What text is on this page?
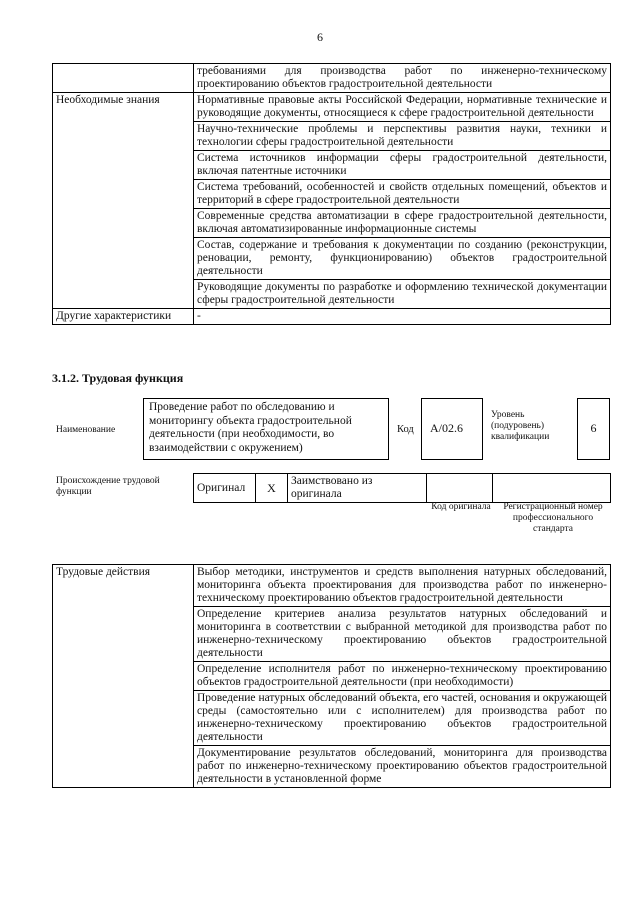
6
	требованиями для производства работ по инженерно-техническому проектированию объектов градостроительной деятельности
Необходимые знания	Нормативные правовые акты Российской Федерации, нормативные технические и руководящие документы, относящиеся к сфере градостроительной деятельности
	Научно-технические проблемы и перспективы развития науки, техники и технологии сферы градостроительной деятельности
	Система источников информации сферы градостроительной деятельности, включая патентные источники
	Система требований, особенностей и свойств отдельных помещений, объектов и территорий в сфере градостроительной деятельности
	Современные средства автоматизации в сфере градостроительной деятельности, включая автоматизированные информационные системы
	Состав, содержание и требования к документации по созданию (реконструкции, реновации, ремонту, функционированию) объектов градостроительной деятельности
	Руководящие документы по разработке и оформлению технической документации сферы градостроительной деятельности
Другие характеристики	-
3.1.2. Трудовая функция
Наименование
Проведение работ по обследованию и мониторингу объекта градостроительной деятельности (при необходимости, во взаимодействии с окружением)
Код	А/02.6
Уровень (подуровень) квалификации
6
Происхождение трудовой функции	Оригинал	X	Заимствовано из оригинала		
Код оригинала	Регистрационный номер профессионального стандарта
Трудовые действия	Выбор методики, инструментов и средств выполнения натурных обследований, мониторинга объекта проектирования для производства работ по инженерно-техническому проектированию объектов градостроительной деятельности
Определение критериев анализа результатов натурных обследований и мониторинга в соответствии с выбранной методикой для производства работ по инженерно-техническому проектированию объектов градостроительной деятельности
Определение исполнителя работ по инженерно-техническому проектированию объектов градостроительной деятельности (при необходимости)
Проведение натурных обследований объекта, его частей, основания и окружающей среды (самостоятельно или с исполнителем) для производства работ по инженерно-техническому проектированию объектов градостроительной деятельности
Документирование результатов обследований, мониторинга для производства работ по инженерно-техническому проектированию объектов градостроительной деятельности в установленной форме
